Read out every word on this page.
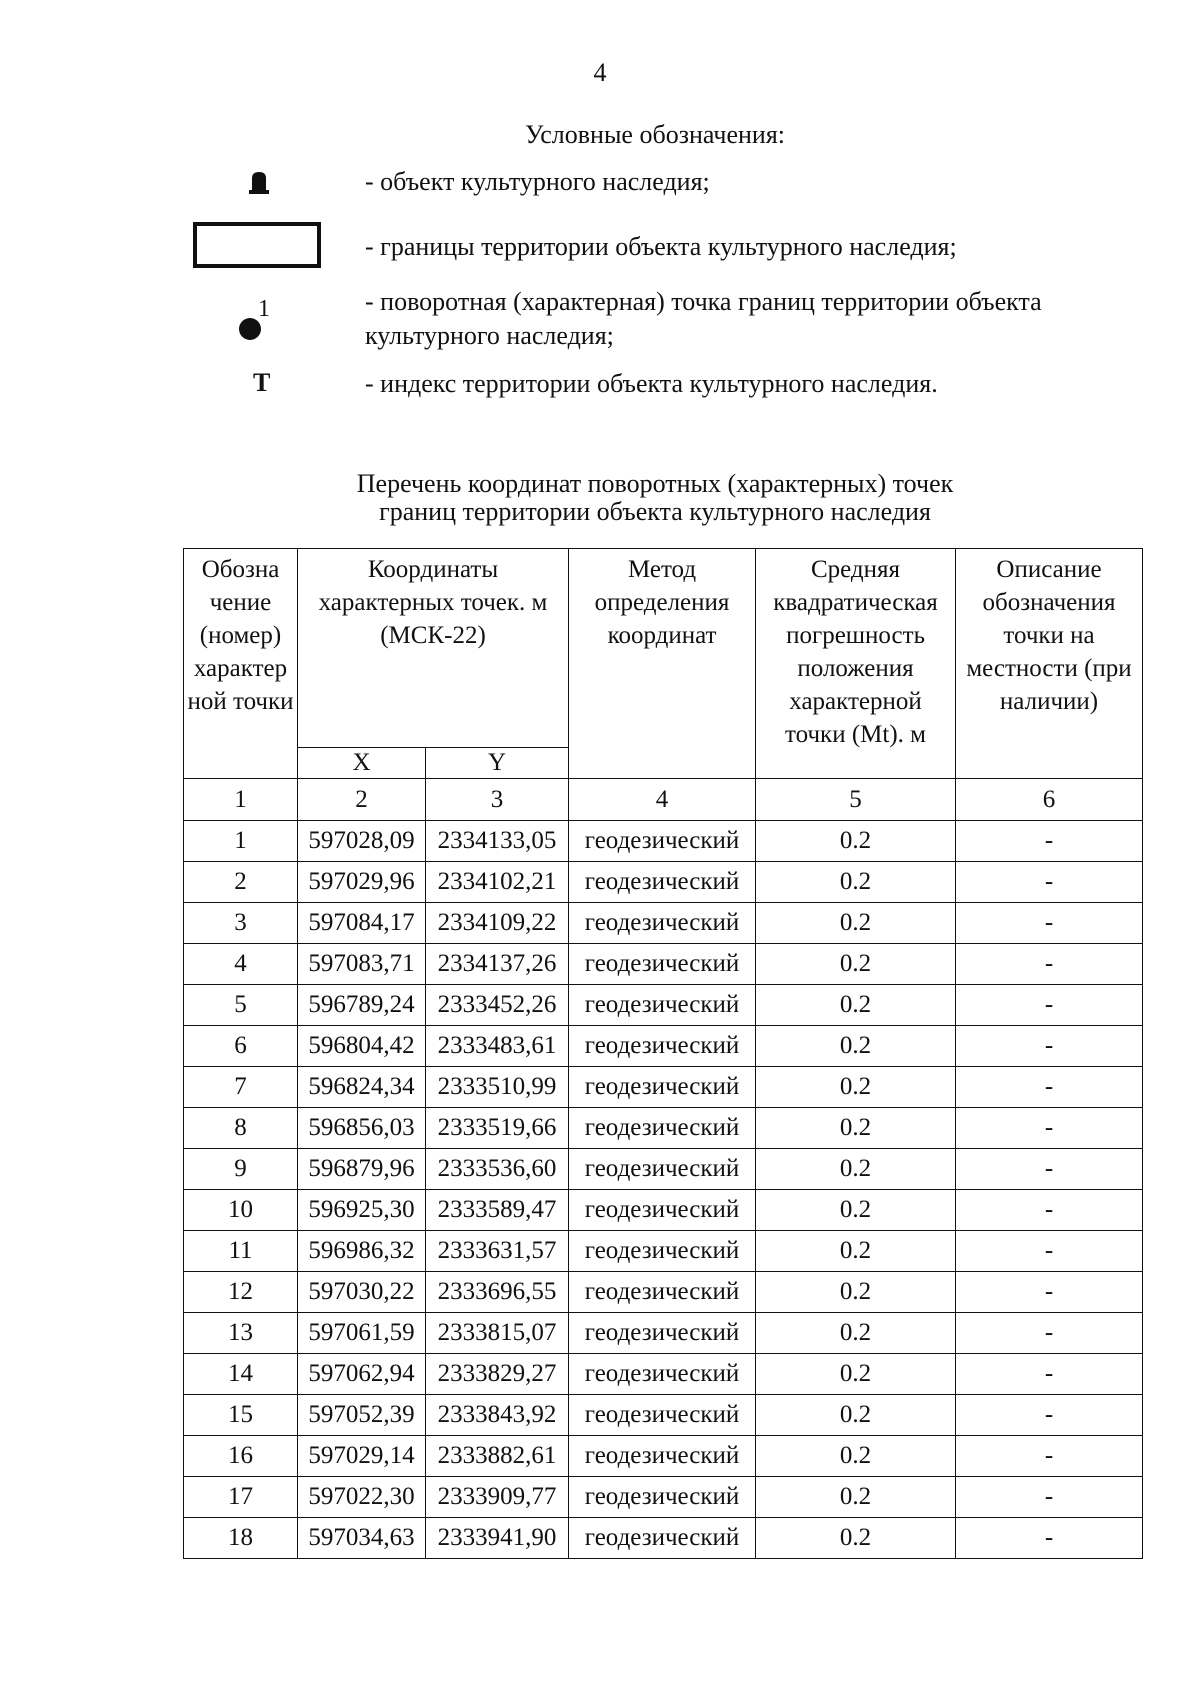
4
Условные обозначения:
- объект культурного наследия;
- границы территории объекта культурного наследия;
1	- поворотная (характерная) точка границ территории объекта культурного наследия;
Т	- индекс территории объекта культурного наследия.
Перечень координат поворотных (характерных) точек
границ территории объекта культурного наследия
Обозна чение (номер) характер ной точки	Координаты характерных точек. м (МСК-22)		Метод определения координат	Средняя квадратическая погрешность положения характерной точки (Mt). м	Описание обозначения точки на местности (при наличии)
	X	Y			
1	2	3	4	5	6
1	597028,09	2334133,05	геодезический	0.2	-
2	597029,96	2334102,21	геодезический	0.2	-
3	597084,17	2334109,22	геодезический	0.2	-
4	597083,71	2334137,26	геодезический	0.2	-
5	596789,24	2333452,26	геодезический	0.2	-
6	596804,42	2333483,61	геодезический	0.2	-
7	596824,34	2333510,99	геодезический	0.2	-
8	596856,03	2333519,66	геодезический	0.2	-
9	596879,96	2333536,60	геодезический	0.2	-
10	596925,30	2333589,47	геодезический	0.2	-
11	596986,32	2333631,57	геодезический	0.2	-
12	597030,22	2333696,55	геодезический	0.2	-
13	597061,59	2333815,07	геодезический	0.2	-
14	597062,94	2333829,27	геодезический	0.2	-
15	597052,39	2333843,92	геодезический	0.2	-
16	597029,14	2333882,61	геодезический	0.2	-
17	597022,30	2333909,77	геодезический	0.2	-
18	597034,63	2333941,90	геодезический	0.2	-
